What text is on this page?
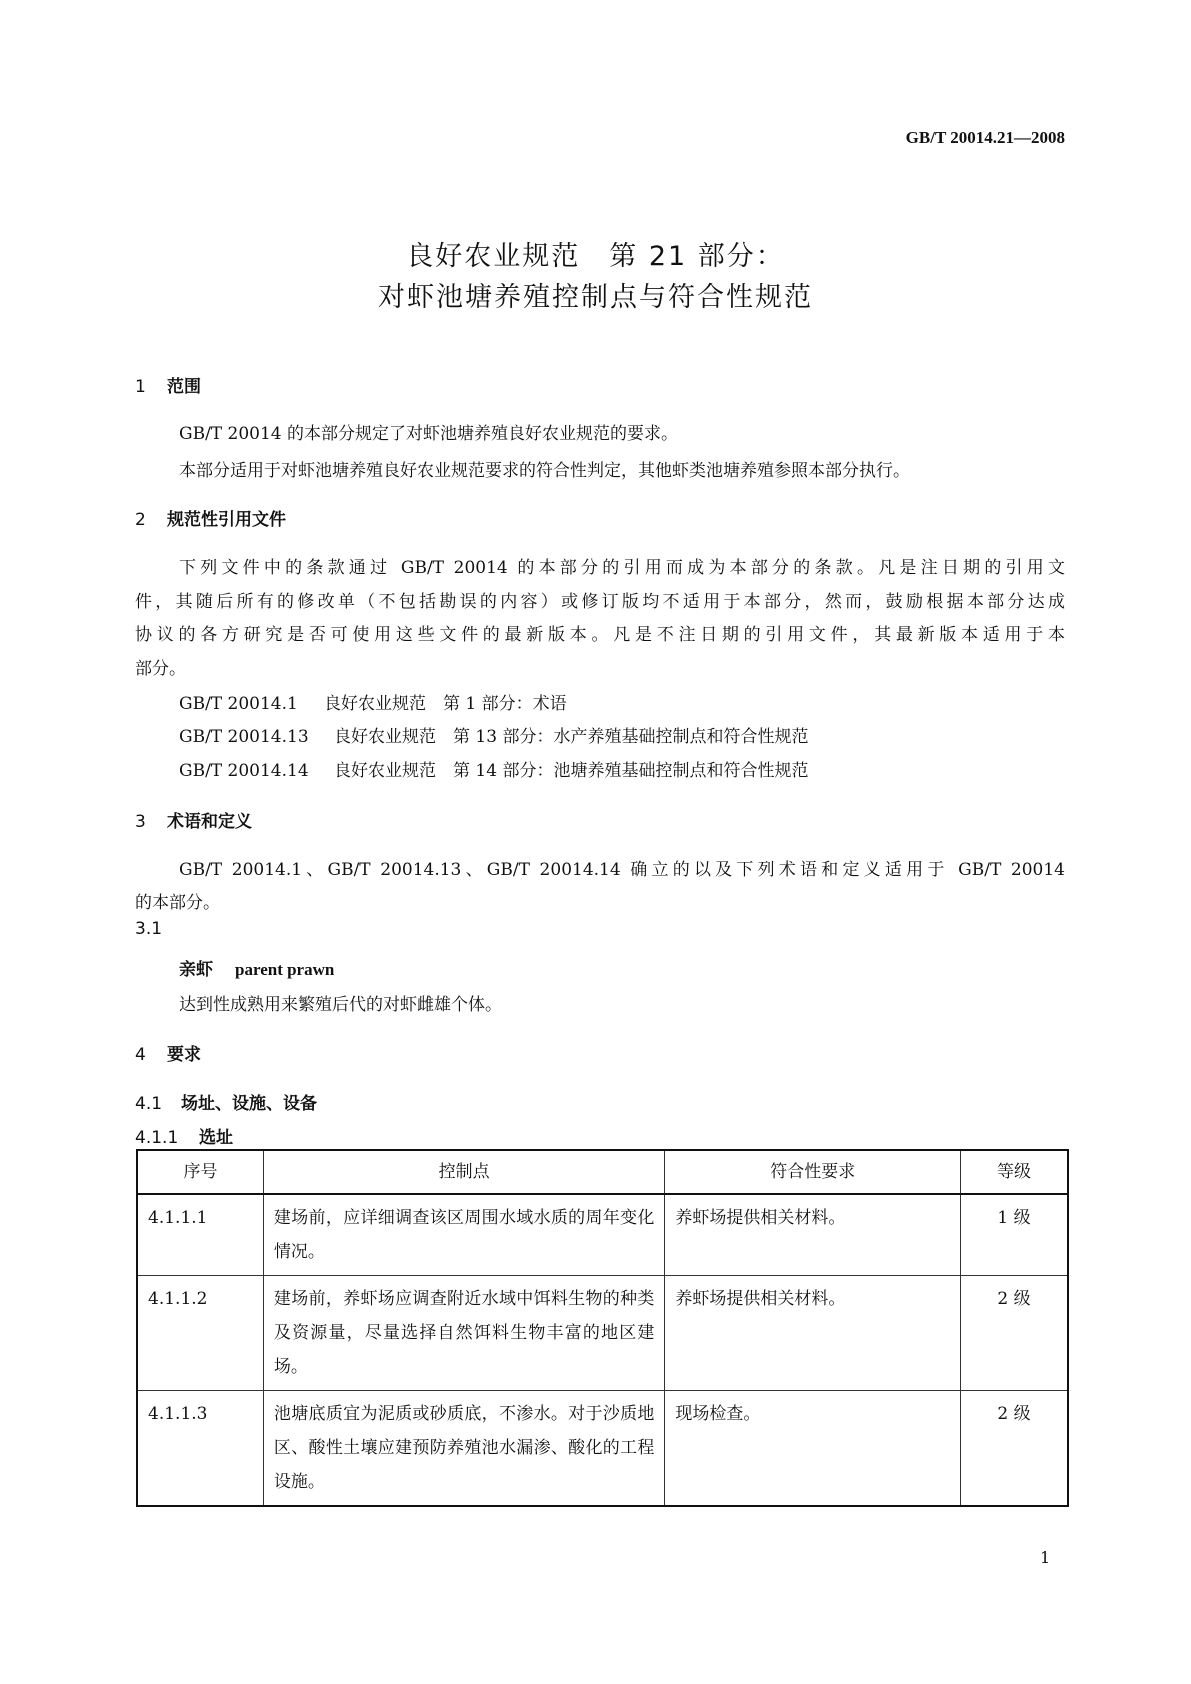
GB/T 20014.21—2008
良好农业规范　第 21 部分：
对虾池塘养殖控制点与符合性规范
1 范围
GB/T 20014 的本部分规定了对虾池塘养殖良好农业规范的要求。
本部分适用于对虾池塘养殖良好农业规范要求的符合性判定，其他虾类池塘养殖参照本部分执行。
2 规范性引用文件
下列文件中的条款通过 GB/T 20014 的本部分的引用而成为本部分的条款。凡是注日期的引用文
件，其随后所有的修改单（不包括勘误的内容）或修订版均不适用于本部分，然而，鼓励根据本部分达成
协议的各方研究是否可使用这些文件的最新版本。凡是不注日期的引用文件，其最新版本适用于本
部分。
GB/T 20014.1 良好农业规范　第 1 部分：术语
GB/T 20014.13 良好农业规范　第 13 部分：水产养殖基础控制点和符合性规范
GB/T 20014.14 良好农业规范　第 14 部分：池塘养殖基础控制点和符合性规范
3 术语和定义
GB/T 20014.1、GB/T 20014.13、GB/T 20014.14 确立的以及下列术语和定义适用于 GB/T 20014
的本部分。
3.1
亲虾 parent prawn
达到性成熟用来繁殖后代的对虾雌雄个体。
4 要求
4.1 场址、设施、设备
4.1.1 选址
序号	控制点	符合性要求	等级
4.1.1.1	建场前，应详细调查该区周围水域水质的周年变化情况。	养虾场提供相关材料。	1 级
4.1.1.2	建场前，养虾场应调查附近水域中饵料生物的种类及资源量，尽量选择自然饵料生物丰富的地区建场。	养虾场提供相关材料。	2 级
4.1.1.3	池塘底质宜为泥质或砂质底，不渗水。对于沙质地区、酸性土壤应建预防养殖池水漏渗、酸化的工程设施。	现场检查。	2 级
1
